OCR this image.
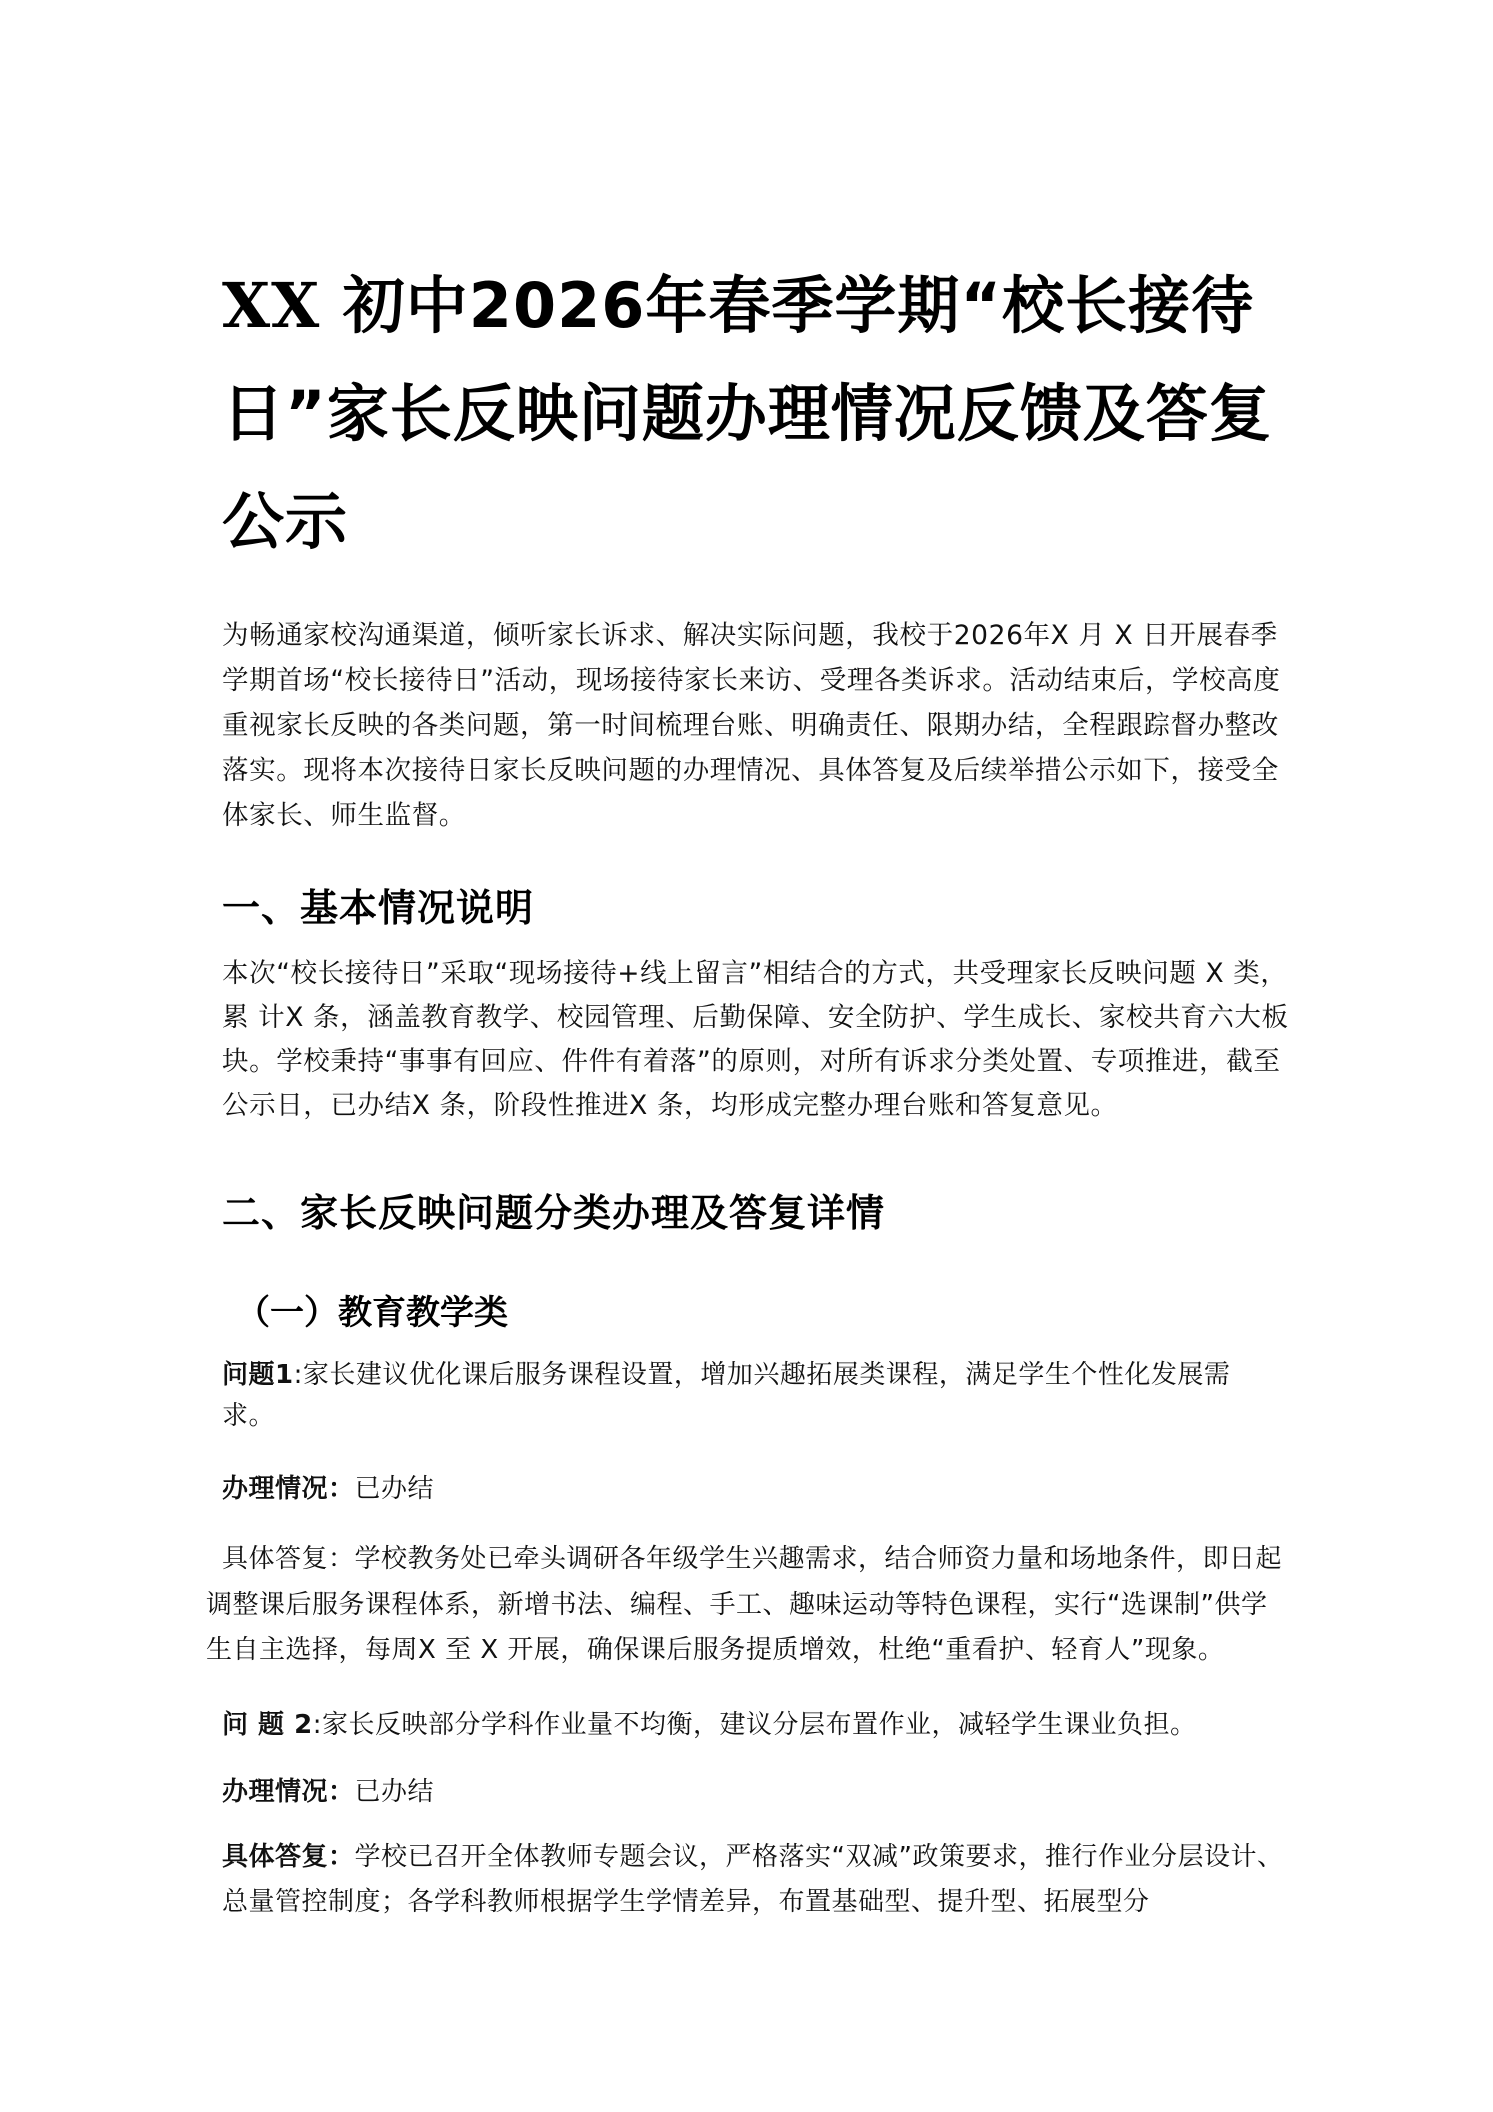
XX 初中2026年春季学期“校长接待日”家长反映问题办理情况反馈及答复公示

为畅通家校沟通渠道，倾听家长诉求、解决实际问题，我校于2026年X 月 X 日开展春季学期首场“校长接待日”活动，现场接待家长来访、受理各类诉求。活动结束后，学校高度重视家长反映的各类问题，第一时间梳理台账、明确责任、限期办结，全程跟踪督办整改落实。现将本次接待日家长反映问题的办理情况、具体答复及后续举措公示如下，接受全体家长、师生监督。

一、基本情况说明

本次“校长接待日”采取“现场接待+线上留言”相结合的方式，共受理家长反映问题 X 类，累 计X 条，涵盖教育教学、校园管理、后勤保障、安全防护、学生成长、家校共育六大板块。学校秉持“事事有回应、件件有着落”的原则，对所有诉求分类处置、专项推进，截至公示日，已办结X 条，阶段性推进X 条，均形成完整办理台账和答复意见。

二、家长反映问题分类办理及答复详情
（一）教育教学类

问题1:家长建议优化课后服务课程设置，增加兴趣拓展类课程，满足学生个性化发展需求。

办理情况：已办结

具体答复：学校教务处已牵头调研各年级学生兴趣需求，结合师资力量和场地条件，即日起调整课后服务课程体系，新增书法、编程、手工、趣味运动等特色课程，实行“选课制”供学生自主选择，每周X 至 X 开展，确保课后服务提质增效，杜绝“重看护、轻育人”现象。

问 题 2:家长反映部分学科作业量不均衡，建议分层布置作业，减轻学生课业负担。

办理情况：已办结

具体答复：学校已召开全体教师专题会议，严格落实“双减”政策要求，推行作业分层设计、总量管控制度；各学科教师根据学生学情差异，布置基础型、提升型、拓展型分
